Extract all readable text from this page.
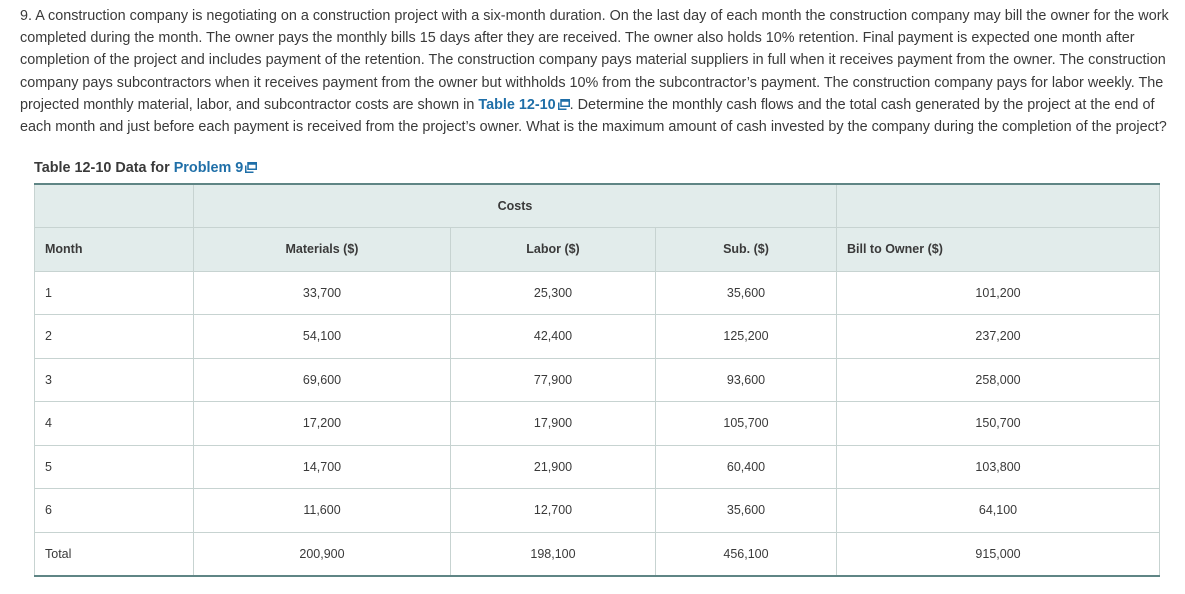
9. A construction company is negotiating on a construction project with a six-month duration. On the last day of each month the construction company may bill the owner for the work completed during the month. The owner pays the monthly bills 15 days after they are received. The owner also holds 10% retention. Final payment is expected one month after completion of the project and includes payment of the retention. The construction company pays material suppliers in full when it receives payment from the owner. The construction company pays subcontractors when it receives payment from the owner but withholds 10% from the subcontractor’s payment. The construction company pays for labor weekly. The projected monthly material, labor, and subcontractor costs are shown in Table 12-10 . Determine the monthly cash flows and the total cash generated by the project at the end of each month and just before each payment is received from the project’s owner. What is the maximum amount of cash invested by the company during the completion of the project?

Table 12-10 Data for Problem 9
	Costs			
Month	Materials ($)	Labor ($)	Sub. ($)	Bill to Owner ($)
1	33,700	25,300	35,600	101,200
2	54,100	42,400	125,200	237,200
3	69,600	77,900	93,600	258,000
4	17,200	17,900	105,700	150,700
5	14,700	21,900	60,400	103,800
6	11,600	12,700	35,600	64,100
Total	200,900	198,100	456,100	915,000
